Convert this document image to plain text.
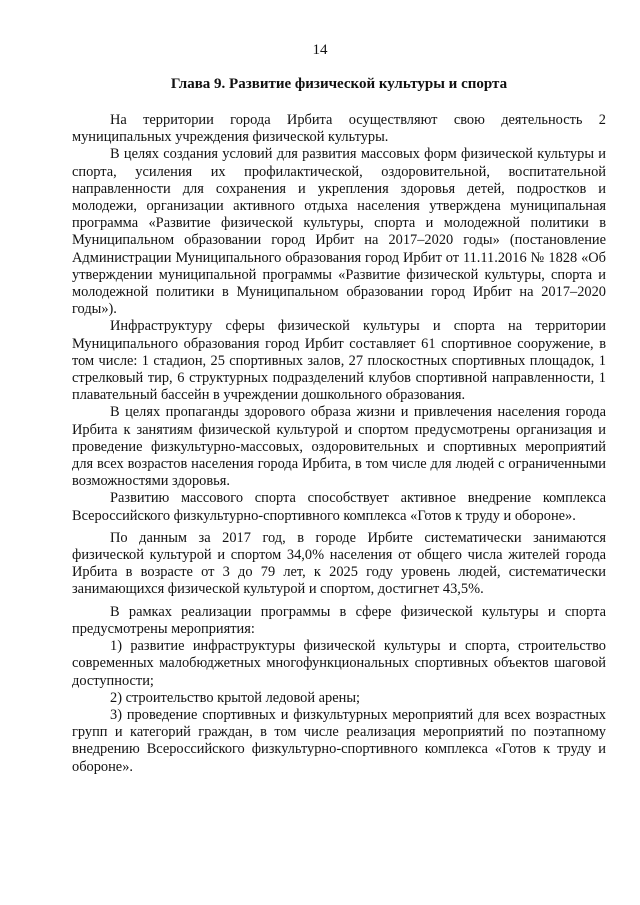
14
Глава 9. Развитие физической культуры и спорта

На территории города Ирбита осуществляют свою деятельность 2 муниципальных учреждения физической культуры.

В целях создания условий для развития массовых форм физической культуры и спорта, усиления их профилактической, оздоровительной, воспитательной направленности для сохранения и укрепления здоровья детей, подростков и молодежи, организации активного отдыха населения утверждена муниципальная программа «Развитие физической культуры, спорта и молодежной политики в Муниципальном образовании город Ирбит на 2017–2020 годы» (постановление Администрации Муниципального образования город Ирбит от 11.11.2016 № 1828 «Об утверждении муниципальной программы «Развитие физической культуры, спорта и молодежной политики в Муниципальном образовании город Ирбит на 2017–2020 годы»).

Инфраструктуру сферы физической культуры и спорта на территории Муниципального образования город Ирбит составляет 61 спортивное сооружение, в том числе: 1 стадион, 25 спортивных залов, 27 плоскостных спортивных площадок, 1 стрелковый тир, 6 структурных подразделений клубов спортивной направленности, 1 плавательный бассейн в учреждении дошкольного образования.

В целях пропаганды здорового образа жизни и привлечения населения города Ирбита к занятиям физической культурой и спортом предусмотрены организация и проведение физкультурно-массовых, оздоровительных и спортивных мероприятий для всех возрастов населения города Ирбита, в том числе для людей с ограниченными возможностями здоровья.

Развитию массового спорта способствует активное внедрение комплекса Всероссийского физкультурно-спортивного комплекса «Готов к труду и обороне».

По данным за 2017 год, в городе Ирбите систематически занимаются физической культурой и спортом 34,0% населения от общего числа жителей города Ирбита в возрасте от 3 до 79 лет, к 2025 году уровень людей, систематически занимающихся физической культурой и спортом, достигнет 43,5%.

В рамках реализации программы в сфере физической культуры и спорта предусмотрены мероприятия:

1) развитие инфраструктуры физической культуры и спорта, строительство современных малобюджетных многофункциональных спортивных объектов шаговой доступности;

2) строительство крытой ледовой арены;

3) проведение спортивных и физкультурных мероприятий для всех возрастных групп и категорий граждан, в том числе реализация мероприятий по поэтапному внедрению Всероссийского физкультурно-спортивного комплекса «Готов к труду и обороне».
